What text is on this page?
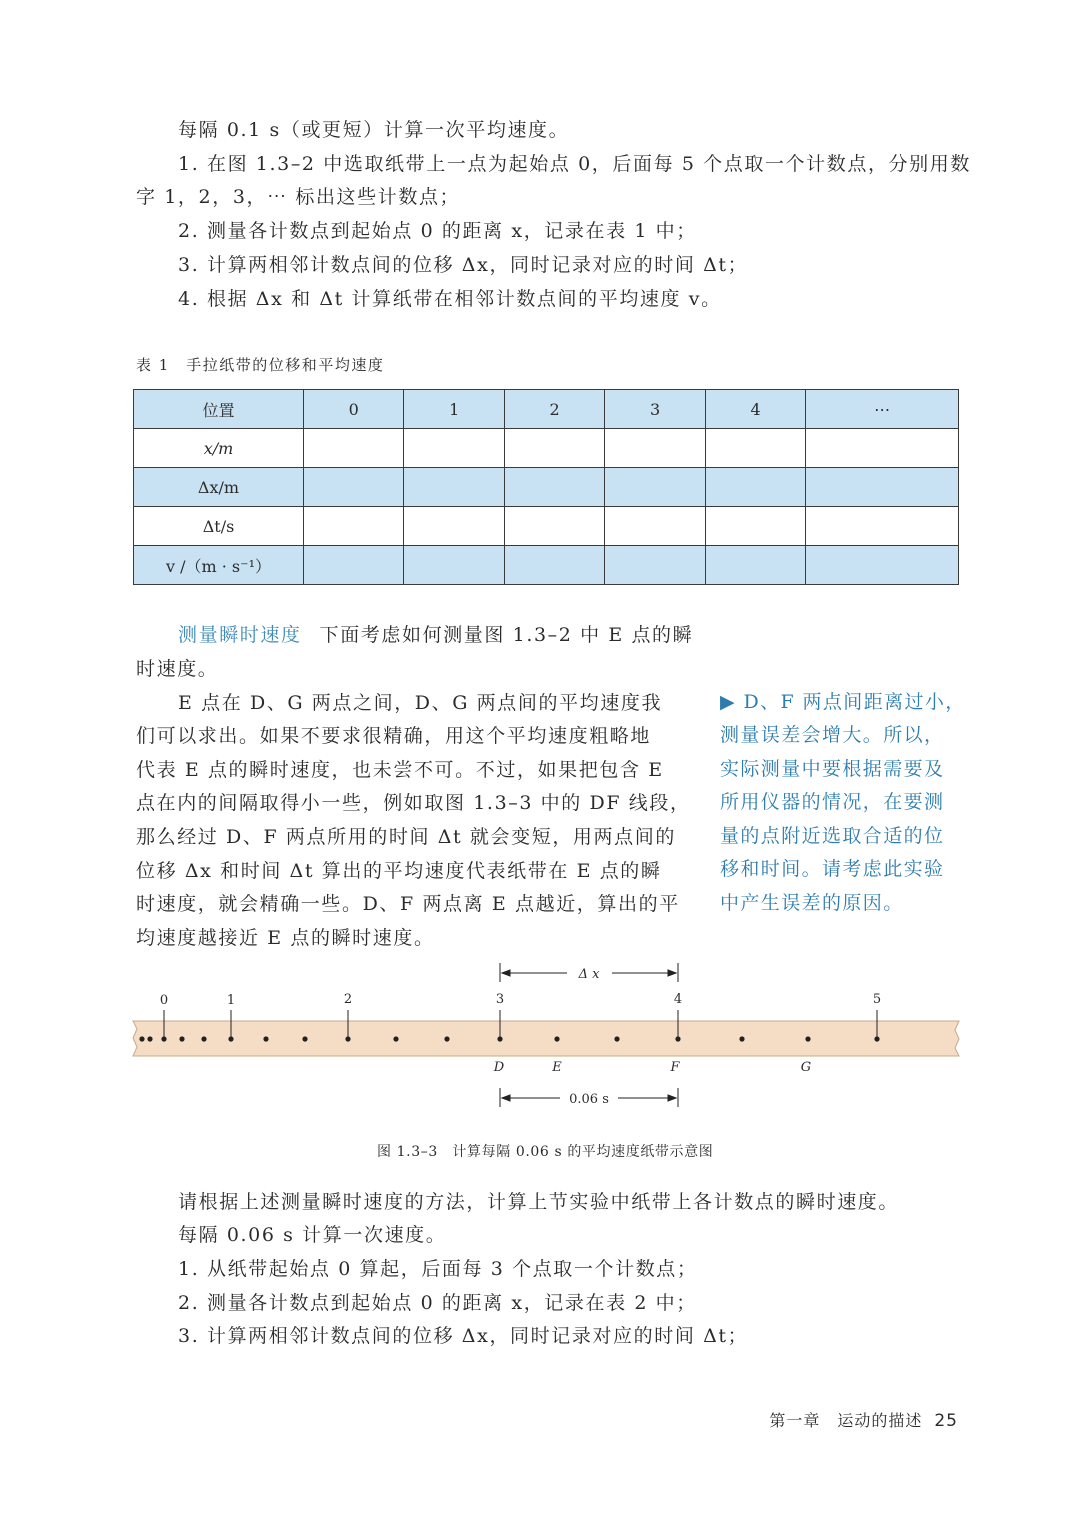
每隔 0.1 s（或更短）计算一次平均速度。
1. 在图 1.3–2 中选取纸带上一点为起始点 0，后面每 5 个点取一个计数点，分别用数
字 1，2，3，⋯ 标出这些计数点；
2. 测量各计数点到起始点 0 的距离 x，记录在表 1 中；
3. 计算两相邻计数点间的位移 Δx，同时记录对应的时间 Δt；
4. 根据 Δx 和 Δt 计算纸带在相邻计数点间的平均速度 v。
表 1　手拉纸带的位移和平均速度
位置	0	1	2	3	4	⋯
x/m						
Δx/m						
Δt/s						
v /（m · s⁻¹）						
测量瞬时速度 下面考虑如何测量图 1.3–2 中 E 点的瞬
时速度。
E 点在 D、G 两点之间，D、G 两点间的平均速度我
们可以求出。如果不要求很精确，用这个平均速度粗略地
代表 E 点的瞬时速度，也未尝不可。不过，如果把包含 E
点在内的间隔取得小一些，例如取图 1.3–3 中的 DF 线段，
那么经过 D、F 两点所用的时间 Δt 就会变短，用两点间的
位移 Δx 和时间 Δt 算出的平均速度代表纸带在 E 点的瞬
时速度，就会精确一些。D、F 两点离 E 点越近，算出的平
均速度越接近 E 点的瞬时速度。
▶ D、F 两点间距离过小，
测量误差会增大。所以，
实际测量中要根据需要及
所用仪器的情况，在要测
量的点附近选取合适的位
移和时间。请考虑此实验
中产生误差的原因。
0	1	2	3	4	5
D	E	F	G
Δ x
0.06 s
图 1.3–3　计算每隔 0.06 s 的平均速度纸带示意图
请根据上述测量瞬时速度的方法，计算上节实验中纸带上各计数点的瞬时速度。
每隔 0.06 s 计算一次速度。
1. 从纸带起始点 0 算起，后面每 3 个点取一个计数点；
2. 测量各计数点到起始点 0 的距离 x，记录在表 2 中；
3. 计算两相邻计数点间的位移 Δx，同时记录对应的时间 Δt；
第一章　运动的描述 25
